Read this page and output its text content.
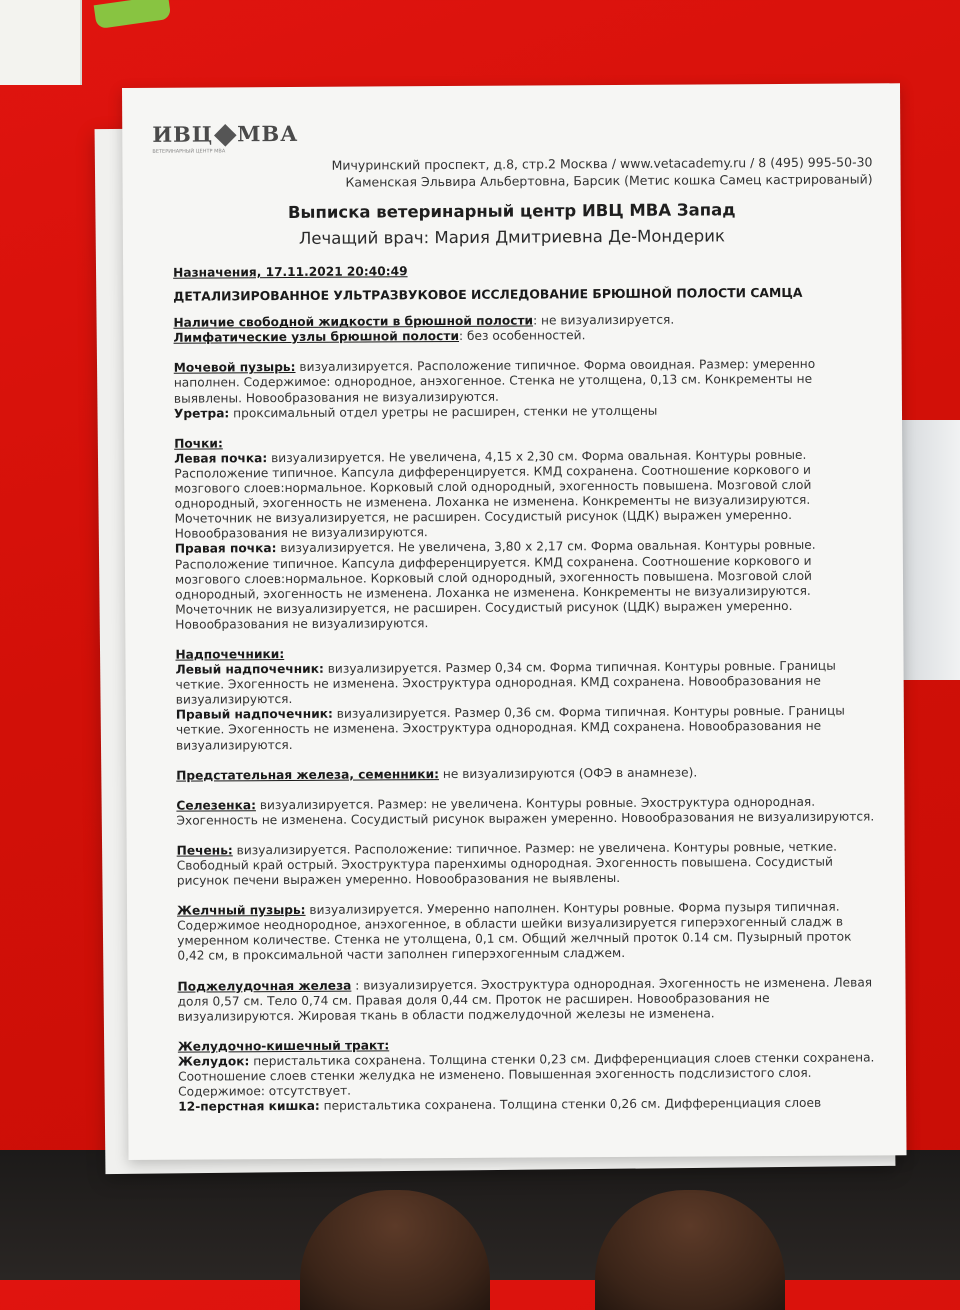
ИВЦ МВА
ВЕТЕРИНАРНЫЙ ЦЕНТР МВА
Мичуринский проспект, д.8, стр.2 Москва / www.vetacademy.ru / 8 (495) 995-50-30
Каменская Эльвира Альбертовна, Барсик (Метис кошка Самец кастрированый)
Выписка ветеринарный центр ИВЦ МВА Запад
Лечащий врач: Мария Дмитриевна Де-Мондерик
Назначения, 17.11.2021 20:40:49
ДЕТАЛИЗИРОВАННОЕ УЛЬТРАЗВУКОВОЕ ИССЛЕДОВАНИЕ БРЮШНОЙ ПОЛОСТИ САМЦА

Наличие свободной жидкости в брюшной полости: не визуализируется.

Лимфатические узлы брюшной полости: без особенностей.

Мочевой пузырь: визуализируется. Расположение типичное. Форма овоидная. Размер: умеренно наполнен. Содержимое: однородное, анэхогенное. Стенка не утолщена, 0,13 см. Конкременты не выявлены. Новообразования не визуализируются.

Уретра: проксимальный отдел уретры не расширен, стенки не утолщены

Почки:

Левая почка: визуализируется. Не увеличена, 4,15 х 2,30 см. Форма овальная. Контуры ровные. Расположение типичное. Капсула дифференцируется. КМД сохранена. Соотношение коркового и мозгового слоев:нормальное. Корковый слой однородный, эхогенность повышена. Мозговой слой однородный, эхогенность не изменена. Лоханка не изменена. Конкременты не визуализируются. Мочеточник не визуализируется, не расширен. Сосудистый рисунок (ЦДК) выражен умеренно. Новообразования не визуализируются.

Правая почка: визуализируется. Не увеличена, 3,80 х 2,17 см. Форма овальная. Контуры ровные. Расположение типичное. Капсула дифференцируется. КМД сохранена. Соотношение коркового и мозгового слоев:нормальное. Корковый слой однородный, эхогенность повышена. Мозговой слой однородный, эхогенность не изменена. Лоханка не изменена. Конкременты не визуализируются. Мочеточник не визуализируется, не расширен. Сосудистый рисунок (ЦДК) выражен умеренно. Новообразования не визуализируются.

Надпочечники:

Левый надпочечник: визуализируется. Размер 0,34 см. Форма типичная. Контуры ровные. Границы четкие. Эхогенность не изменена. Эхоструктура однородная. КМД сохранена. Новообразования не визуализируются.

Правый надпочечник: визуализируется. Размер 0,36 см. Форма типичная. Контуры ровные. Границы четкие. Эхогенность не изменена. Эхоструктура однородная. КМД сохранена. Новообразования не визуализируются.

Предстательная железа, семенники: не визуализируются (ОФЭ в анамнезе).

Селезенка: визуализируется. Размер: не увеличена. Контуры ровные. Эхоструктура однородная. Эхогенность не изменена. Сосудистый рисунок выражен умеренно. Новообразования не визуализируются.

Печень: визуализируется. Расположение: типичное. Размер: не увеличена. Контуры ровные, четкие. Свободный край острый. Эхоструктура паренхимы однородная. Эхогенность повышена. Сосудистый рисунок печени выражен умеренно. Новообразования не выявлены.

Желчный пузырь: визуализируется. Умеренно наполнен. Контуры ровные. Форма пузыря типичная. Содержимое неоднородное, анэхогенное, в области шейки визуализируется гиперэхогенный сладж в умеренном количестве. Стенка не утолщена, 0,1 см. Общий желчный проток 0.14 см. Пузырный проток 0,42 см, в проксимальной части заполнен гиперэхогенным сладжем.

Поджелудочная железа : визуализируется. Эхоструктура однородная. Эхогенность не изменена. Левая доля 0,57 см. Тело 0,74 см. Правая доля 0,44 см. Проток не расширен. Новообразования не визуализируются. Жировая ткань в области поджелудочной железы не изменена.

Желудочно-кишечный тракт:

Желудок: перистальтика сохранена. Толщина стенки 0,23 см. Дифференциация слоев стенки сохранена. Соотношение слоев стенки желудка не изменено. Повышенная эхогенность подслизистого слоя. Содержимое: отсутствует.

12-перстная кишка: перистальтика сохранена. Толщина стенки 0,26 см. Дифференциация слоев
